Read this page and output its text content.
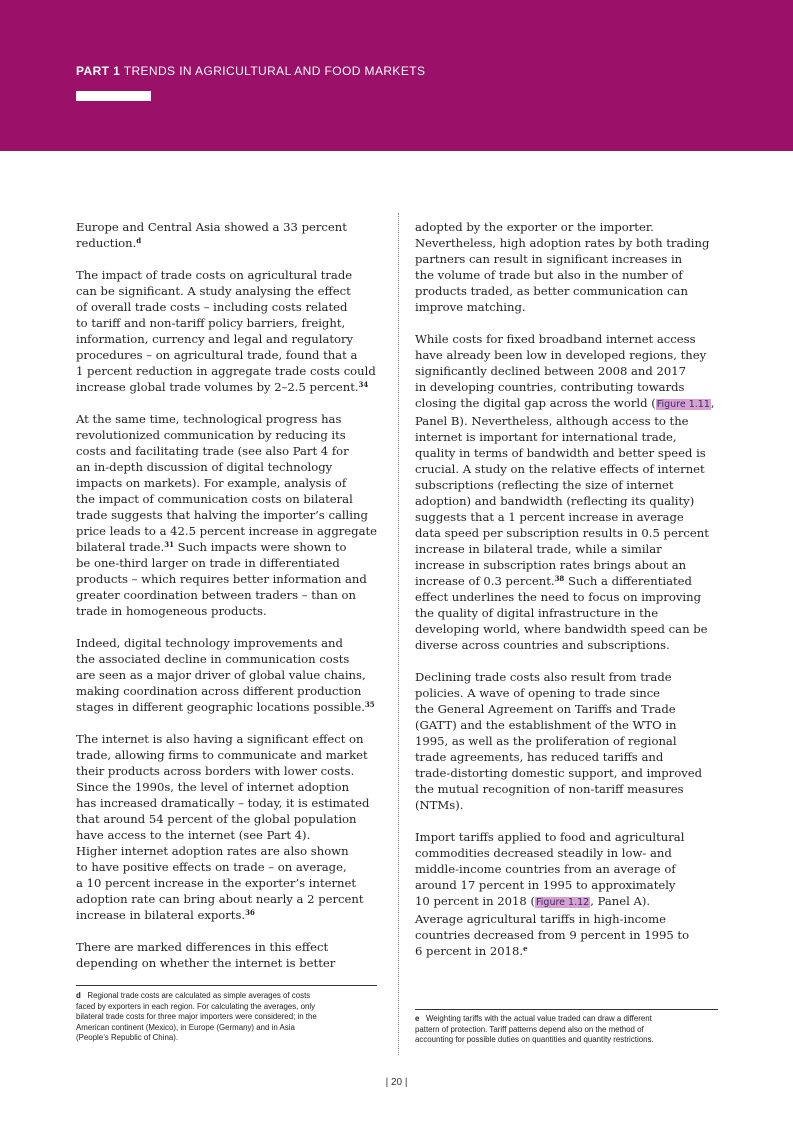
PART 1 TRENDS IN AGRICULTURAL AND FOOD MARKETS

Europe and Central Asia showed a 33 percent
reduction.$^d$

The impact of trade costs on agricultural trade
can be significant. A study analysing the effect
of overall trade costs – including costs related
to tariff and non-tariff policy barriers, freight,
information, currency and legal and regulatory
procedures – on agricultural trade, found that a
1 percent reduction in aggregate trade costs could
increase global trade volumes by 2–2.5 percent.$^{34}$

At the same time, technological progress has
revolutionized communication by reducing its
costs and facilitating trade (see also Part 4 for
an in-depth discussion of digital technology
impacts on markets). For example, analysis of
the impact of communication costs on bilateral
trade suggests that halving the importer’s calling
price leads to a 42.5 percent increase in aggregate
bilateral trade.$^{31}$ Such impacts were shown to
be one-third larger on trade in differentiated
products – which requires better information and
greater coordination between traders – than on
trade in homogeneous products.

Indeed, digital technology improvements and
the associated decline in communication costs
are seen as a major driver of global value chains,
making coordination across different production
stages in different geographic locations possible.$^{35}$

The internet is also having a significant effect on
trade, allowing firms to communicate and market
their products across borders with lower costs.
Since the 1990s, the level of internet adoption
has increased dramatically – today, it is estimated
that around 54 percent of the global population
have access to the internet (see Part 4).
Higher internet adoption rates are also shown
to have positive effects on trade – on average,
a 10 percent increase in the exporter’s internet
adoption rate can bring about nearly a 2 percent
increase in bilateral exports.$^{36}$

There are marked differences in this effect
depending on whether the internet is better

adopted by the exporter or the importer.
Nevertheless, high adoption rates by both trading
partners can result in significant increases in
the volume of trade but also in the number of
products traded, as better communication can
improve matching.

While costs for fixed broadband internet access
have already been low in developed regions, they
significantly declined between 2008 and 2017
in developing countries, contributing towards
closing the digital gap across the world (Figure 1.11,
Panel B). Nevertheless, although access to the
internet is important for international trade,
quality in terms of bandwidth and better speed is
crucial. A study on the relative effects of internet
subscriptions (reflecting the size of internet
adoption) and bandwidth (reflecting its quality)
suggests that a 1 percent increase in average
data speed per subscription results in 0.5 percent
increase in bilateral trade, while a similar
increase in subscription rates brings about an
increase of 0.3 percent.$^{38}$ Such a differentiated
effect underlines the need to focus on improving
the quality of digital infrastructure in the
developing world, where bandwidth speed can be
diverse across countries and subscriptions.

Declining trade costs also result from trade
policies. A wave of opening to trade since
the General Agreement on Tariffs and Trade
(GATT) and the establishment of the WTO in
1995, as well as the proliferation of regional
trade agreements, has reduced tariffs and
trade-distorting domestic support, and improved
the mutual recognition of non-tariff measures
(NTMs).

Import tariffs applied to food and agricultural
commodities decreased steadily in low- and
middle-income countries from an average of
around 17 percent in 1995 to approximately
10 percent in 2018 (Figure 1.12, Panel A).
Average agricultural tariffs in high-income
countries decreased from 9 percent in 1995 to
6 percent in 2018.$^e$

d Regional trade costs are calculated as simple averages of costs
faced by exporters in each region. For calculating the averages, only
bilateral trade costs for three major importers were considered; in the
American continent (Mexico), in Europe (Germany) and in Asia
(People’s Republic of China).
e Weighting tariffs with the actual value traded can draw a different
pattern of protection. Tariff patterns depend also on the method of
accounting for possible duties on quantities and quantity restrictions.
| 20 |
